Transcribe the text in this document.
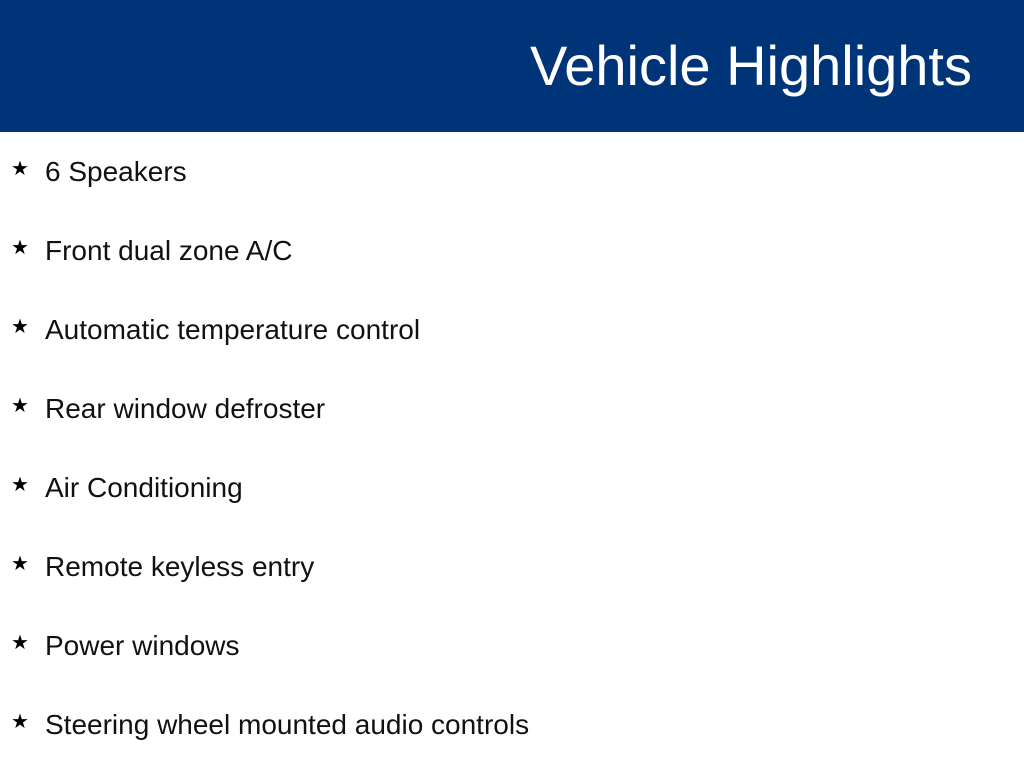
Vehicle Highlights
★ 6 Speakers
★ Front dual zone A/C
★ Automatic temperature control
★ Rear window defroster
★ Air Conditioning
★ Remote keyless entry
★ Power windows
★ Steering wheel mounted audio controls
